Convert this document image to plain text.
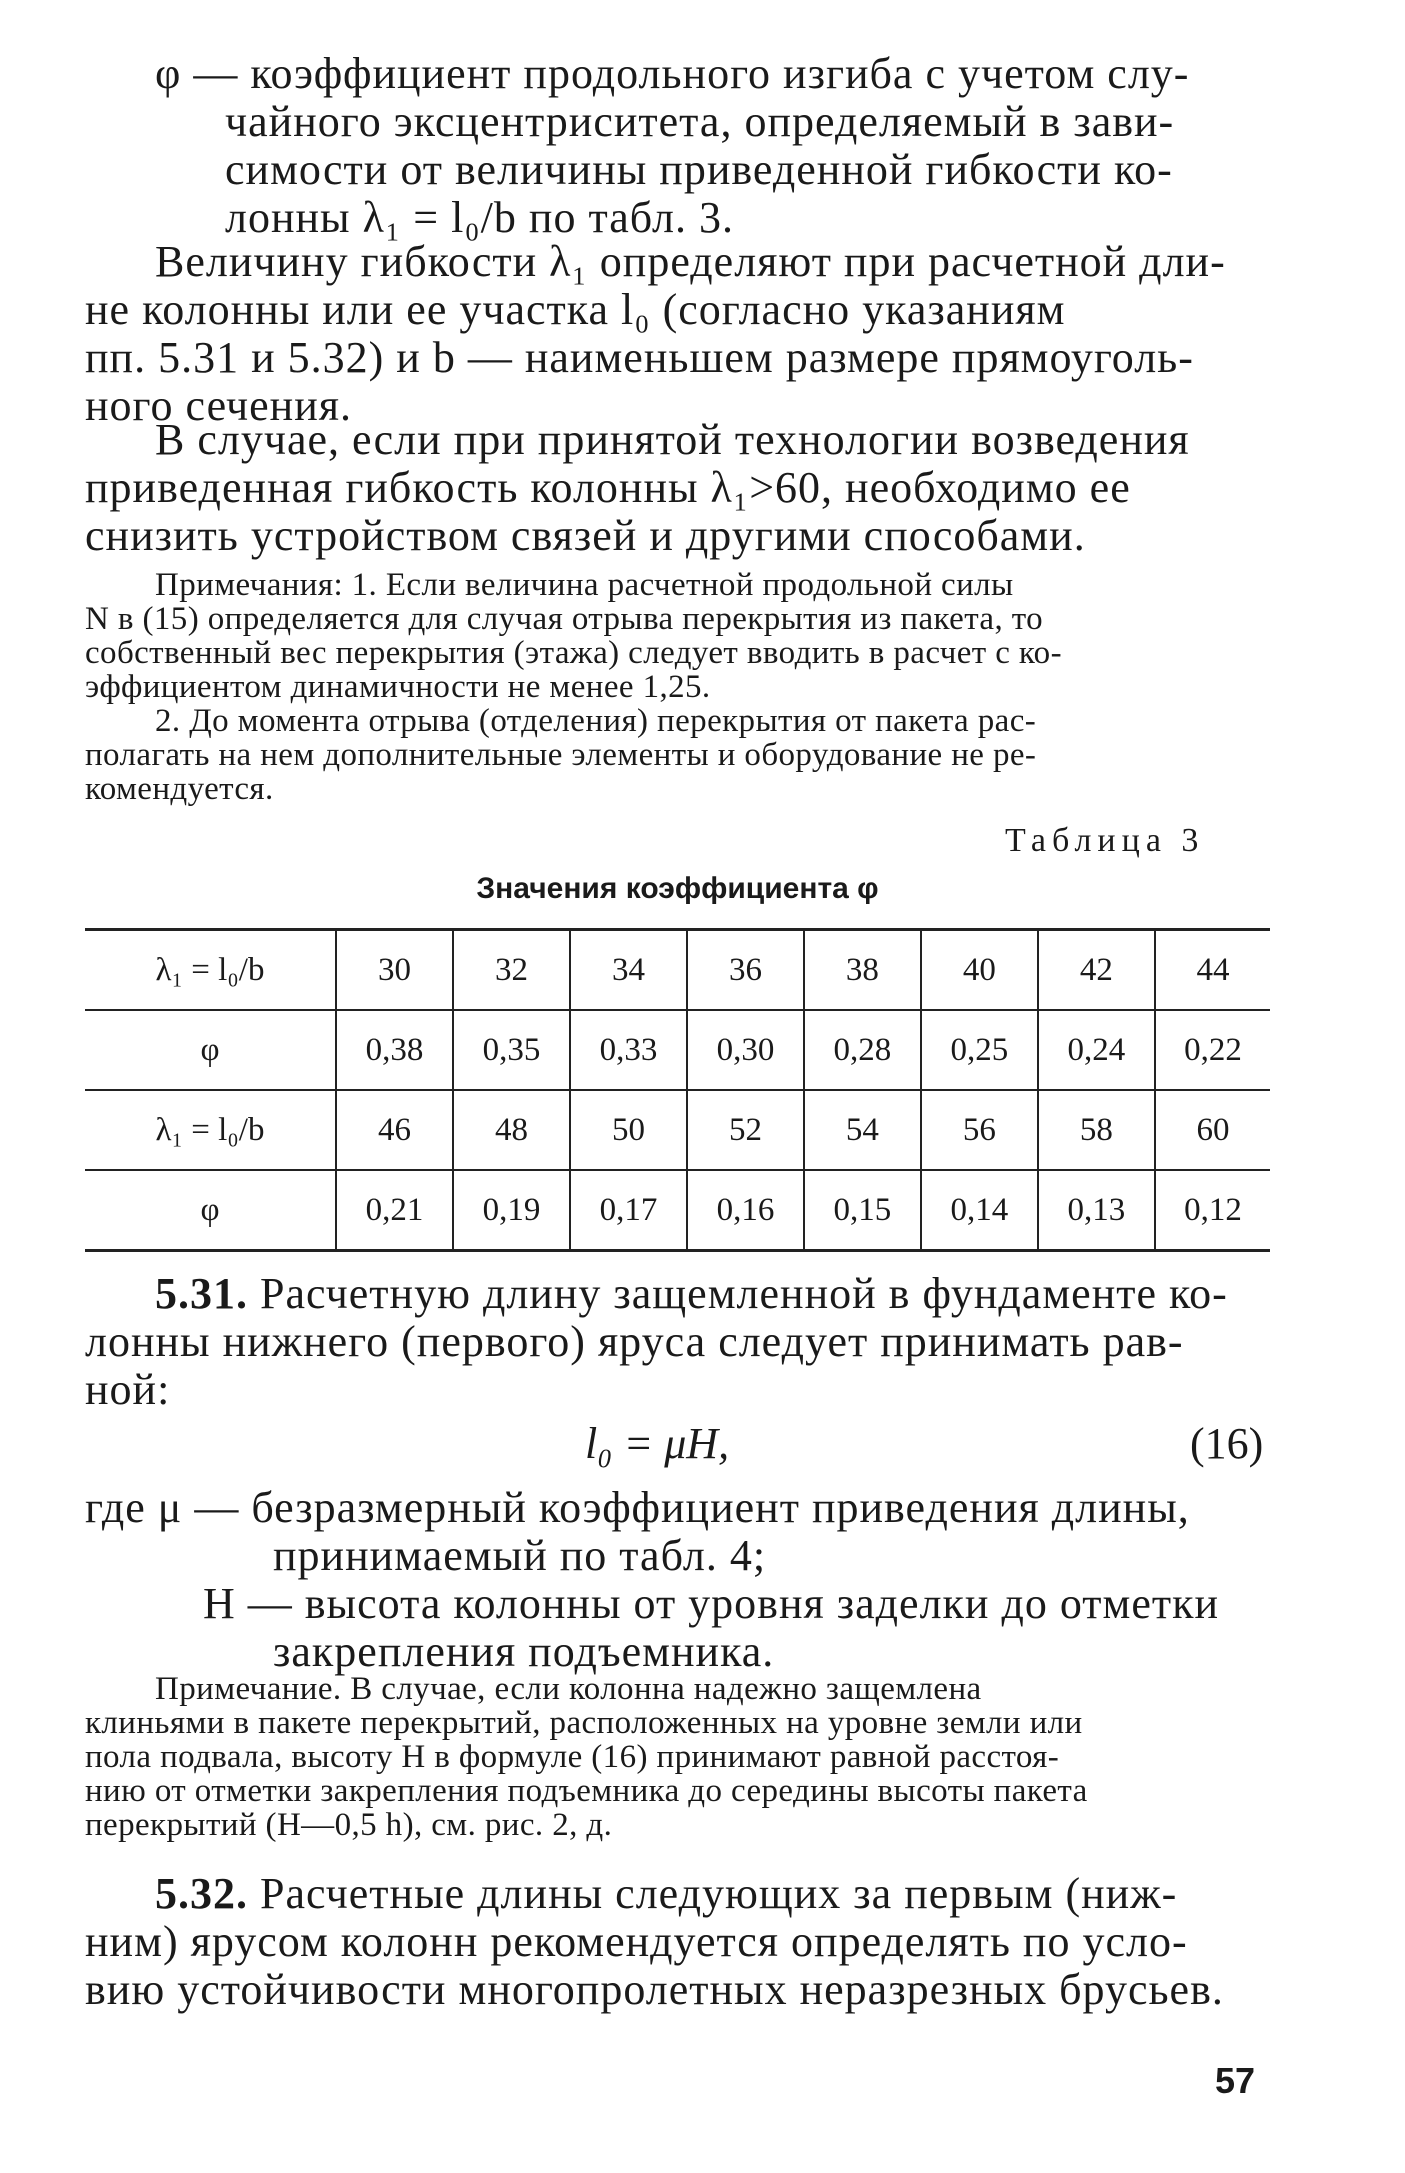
φ — коэффициент продольного изгиба с учетом слу-
чайного эксцентриситета, определяемый в зави-
симости от величины приведенной гибкости ко-
лонны λ₁ = l₀/b по табл. 3.
Величину гибкости λ₁ определяют при расчетной дли-
не колонны или ее участка l₀ (согласно указаниям
пп. 5.31 и 5.32) и b — наименьшем размере прямоуголь-
ного сечения.
В случае, если при принятой технологии возведения
приведенная гибкость колонны λ₁>60, необходимо ее
снизить устройством связей и другими способами.
Примечания: 1. Если величина расчетной продольной силы
N в (15) определяется для случая отрыва перекрытия из пакета, то
собственный вес перекрытия (этажа) следует вводить в расчет с ко-
эффициентом динамичности не менее 1,25.
2. До момента отрыва (отделения) перекрытия от пакета рас-
полагать на нем дополнительные элементы и оборудование не ре-
комендуется.
Таблица 3
Значения коэффициента φ
λ₁ = l₀/b	30	32	34	36	38	40	42	44
φ	0,38	0,35	0,33	0,30	0,28	0,25	0,24	0,22
λ₁ = l₀/b	46	48	50	52	54	56	58	60
φ	0,21	0,19	0,17	0,16	0,15	0,14	0,13	0,12
5.31. Расчетную длину защемленной в фундаменте ко-
лонны нижнего (первого) яруса следует принимать рав-
ной:
l₀ = μH,	(16)
где μ — безразмерный коэффициент приведения длины,
принимаемый по табл. 4;
H — высота колонны от уровня заделки до отметки
закрепления подъемника.
Примечание. В случае, если колонна надежно защемлена
клиньями в пакете перекрытий, расположенных на уровне земли или
пола подвала, высоту H в формуле (16) принимают равной расстоя-
нию от отметки закрепления подъемника до середины высоты пакета
перекрытий (H—0,5 h), см. рис. 2, д.
5.32. Расчетные длины следующих за первым (ниж-
ним) ярусом колонн рекомендуется определять по усло-
вию устойчивости многопролетных неразрезных брусьев.
57
